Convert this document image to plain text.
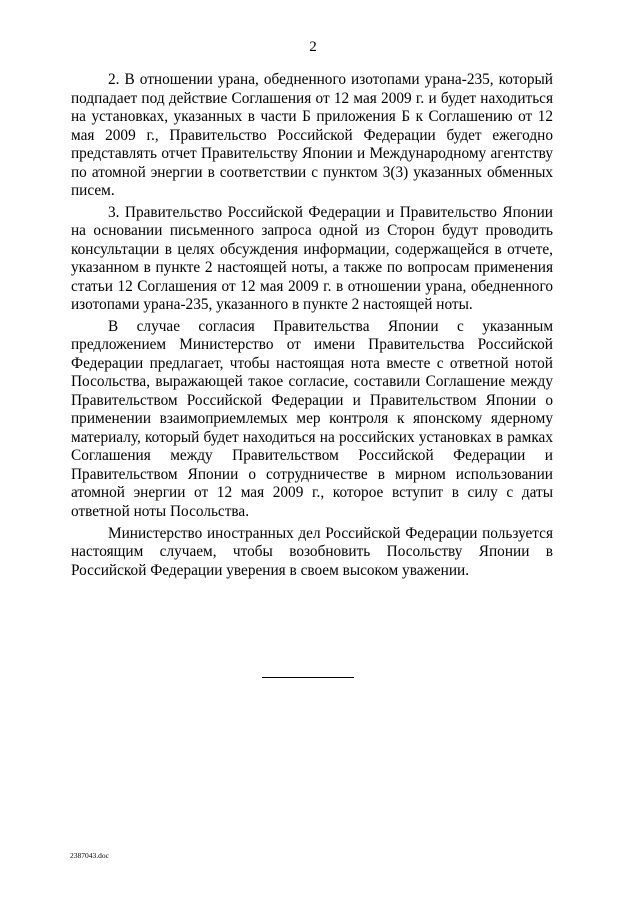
2

2. В отношении урана, обедненного изотопами урана-235, который подпадает под действие Соглашения от 12 мая 2009 г. и будет находиться на установках, указанных в части Б приложения Б к Соглашению от 12 мая 2009 г., Правительство Российской Федерации будет ежегодно представлять отчет Правительству Японии и Международному агентству по атомной энергии в соответствии с пунктом 3(3) указанных обменных писем.

3. Правительство Российской Федерации и Правительство Японии на основании письменного запроса одной из Сторон будут проводить консультации в целях обсуждения информации, содержащейся в отчете, указанном в пункте 2 настоящей ноты, а также по вопросам применения статьи 12 Соглашения от 12 мая 2009 г. в отношении урана, обедненного изотопами урана-235, указанного в пункте 2 настоящей ноты.

В случае согласия Правительства Японии с указанным предложением Министерство от имени Правительства Российской Федерации предлагает, чтобы настоящая нота вместе с ответной нотой Посольства, выражающей такое согласие, составили Соглашение между Правительством Российской Федерации и Правительством Японии о применении взаимоприемлемых мер контроля к японскому ядерному материалу, который будет находиться на российских установках в рамках Соглашения между Правительством Российской Федерации и Правительством Японии о сотрудничестве в мирном использовании атомной энергии от 12 мая 2009 г., которое вступит в силу с даты ответной ноты Посольства.

Министерство иностранных дел Российской Федерации пользуется настоящим случаем, чтобы возобновить Посольству Японии в Российской Федерации уверения в своем высоком уважении.

2387043.doc
